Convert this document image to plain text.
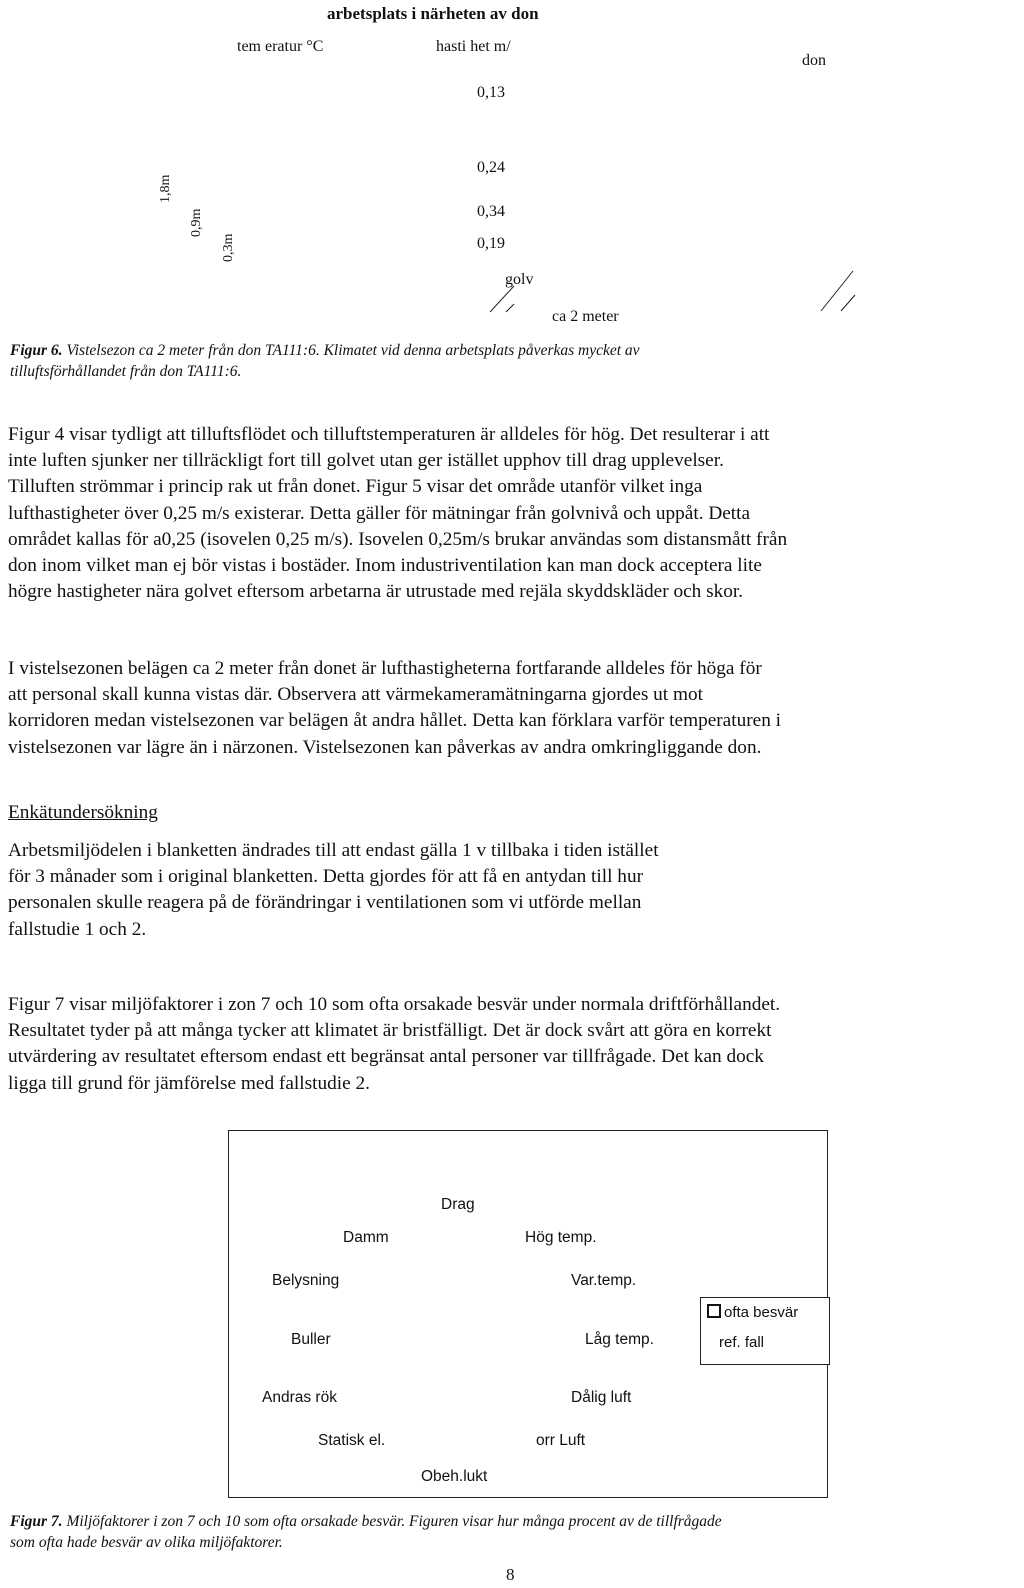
arbetsplats i närheten av don
tem eratur °C	hasti het m/
don
0,13
1,8m
0,9m
0,3m
0,24
0,34
0,19
golv
ca 2 meter
Figur 6. Vistelsezon ca 2 meter från don TA111:6. Klimatet vid denna arbetsplats påverkas mycket av
tilluftsförhållandet från don TA111:6.

Figur 4 visar tydligt att tilluftsflödet och tilluftstemperaturen är alldeles för hög. Det resulterar i att

inte luften sjunker ner tillräckligt fort till golvet utan ger istället upphov till drag upplevelser.

Tilluften strömmar i princip rak ut från donet. Figur 5 visar det område utanför vilket inga

lufthastigheter över 0,25 m/s existerar. Detta gäller för mätningar från golvnivå och uppåt. Detta

området kallas för a0,25 (isovelen 0,25 m/s). Isovelen 0,25m/s brukar användas som distansmått från

don inom vilket man ej bör vistas i bostäder. Inom industriventilation kan man dock acceptera lite

högre hastigheter nära golvet eftersom arbetarna är utrustade med rejäla skyddskläder och skor.

I vistelsezonen belägen ca 2 meter från donet är lufthastigheterna fortfarande alldeles för höga för

att personal skall kunna vistas där. Observera att värmekameramätningarna gjordes ut mot

korridoren medan vistelsezonen var belägen åt andra hållet. Detta kan förklara varför temperaturen i

vistelsezonen var lägre än i närzonen. Vistelsezonen kan påverkas av andra omkringliggande don.

Enkätundersökning

Arbetsmiljödelen i blanketten ändrades till att endast gälla 1 v tillbaka i tiden istället

för 3 månader som i original blanketten. Detta gjordes för att få en antydan till hur

personalen skulle reagera på de förändringar i ventilationen som vi utförde mellan

fallstudie 1 och 2.

Figur 7 visar miljöfaktorer i zon 7 och 10 som ofta orsakade besvär under normala driftförhållandet.

Resultatet tyder på att många tycker att klimatet är bristfälligt. Det är dock svårt att göra en korrekt

utvärdering av resultatet eftersom endast ett begränsat antal personer var tillfrågade. Det kan dock

ligga till grund för jämförelse med fallstudie 2.

Drag
Damm	Hög temp.
Belysning	Var.temp.
Buller	Låg temp.
Andras rök	Dålig luft
Statisk el.	orr Luft
Obeh.lukt
ofta besvär
ref. fall
Figur 7. Miljöfaktorer i zon 7 och 10 som ofta orsakade besvär. Figuren visar hur många procent av de tillfrågade
som ofta hade besvär av olika miljöfaktorer.
8
